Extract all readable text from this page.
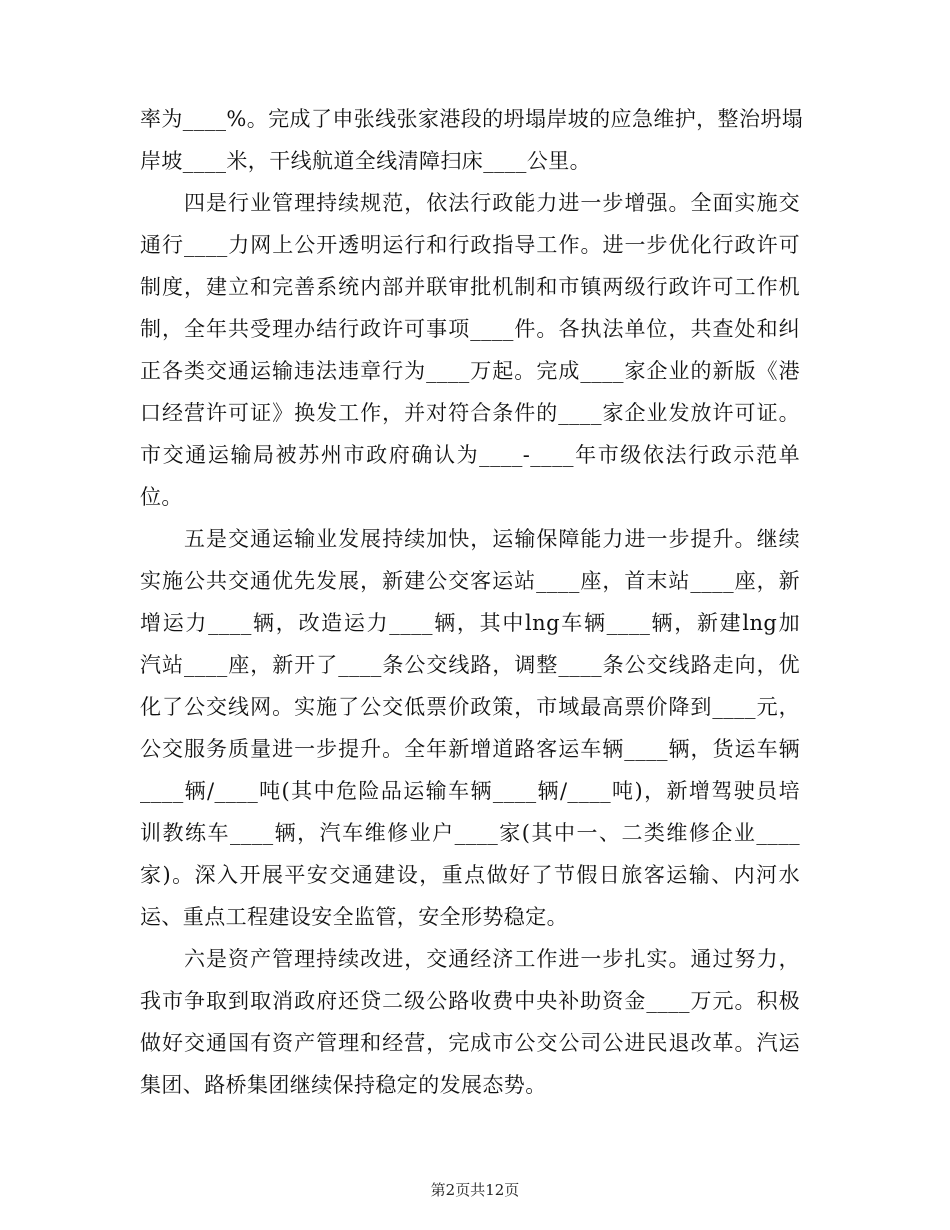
率为____%。完成了申张线张家港段的坍塌岸坡的应急维护，整治坍塌
岸坡____米，干线航道全线清障扫床____公里。
四是行业管理持续规范，依法行政能力进一步增强。全面实施交
通行____力网上公开透明运行和行政指导工作。进一步优化行政许可
制度，建立和完善系统内部并联审批机制和市镇两级行政许可工作机
制，全年共受理办结行政许可事项____件。各执法单位，共查处和纠
正各类交通运输违法违章行为____万起。完成____家企业的新版《港
口经营许可证》换发工作，并对符合条件的____家企业发放许可证。
市交通运输局被苏州市政府确认为____-____年市级依法行政示范单
位。
五是交通运输业发展持续加快，运输保障能力进一步提升。继续
实施公共交通优先发展，新建公交客运站____座，首末站____座，新
增运力____辆，改造运力____辆，其中lng车辆____辆，新建lng加
汽站____座，新开了____条公交线路，调整____条公交线路走向，优
化了公交线网。实施了公交低票价政策，市域最高票价降到____元，
公交服务质量进一步提升。全年新增道路客运车辆____辆，货运车辆
____辆/____吨(其中危险品运输车辆____辆/____吨)，新增驾驶员培
训教练车____辆，汽车维修业户____家(其中一、二类维修企业____
家)。深入开展平安交通建设，重点做好了节假日旅客运输、内河水
运、重点工程建设安全监管，安全形势稳定。
六是资产管理持续改进，交通经济工作进一步扎实。通过努力，
我市争取到取消政府还贷二级公路收费中央补助资金____万元。积极
做好交通国有资产管理和经营，完成市公交公司公进民退改革。汽运
集团、路桥集团继续保持稳定的发展态势。
第2页共12页
